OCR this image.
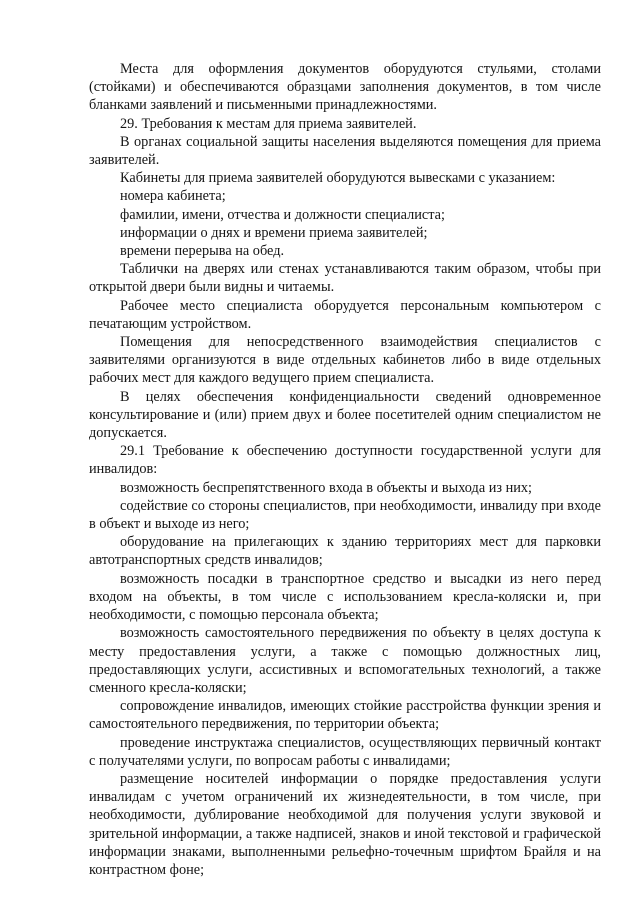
Места для оформления документов оборудуются стульями, столами (стойками) и обеспечиваются образцами заполнения документов, в том числе бланками заявлений и письменными принадлежностями.

29. Требования к местам для приема заявителей.

В органах социальной защиты населения выделяются помещения для приема заявителей.

Кабинеты для приема заявителей оборудуются вывесками с указанием:

номера кабинета;

фамилии, имени, отчества и должности специалиста;

информации о днях и времени приема заявителей;

времени перерыва на обед.

Таблички на дверях или стенах устанавливаются таким образом, чтобы при открытой двери были видны и читаемы.

Рабочее место специалиста оборудуется персональным компьютером с печатающим устройством.

Помещения для непосредственного взаимодействия специалистов с заявителями организуются в виде отдельных кабинетов либо в виде отдельных рабочих мест для каждого ведущего прием специалиста.

В целях обеспечения конфиденциальности сведений одновременное консультирование и (или) прием двух и более посетителей одним специалистом не допускается.

29.1 Требование к обеспечению доступности государственной услуги для инвалидов:

возможность беспрепятственного входа в объекты и выхода из них;

содействие со стороны специалистов, при необходимости, инвалиду при входе в объект и выходе из него;

оборудование на прилегающих к зданию территориях мест для парковки автотранспортных средств инвалидов;

возможность посадки в транспортное средство и высадки из него перед входом на объекты, в том числе с использованием кресла-коляски и, при необходимости, с помощью персонала объекта;

возможность самостоятельного передвижения по объекту в целях доступа к месту предоставления услуги, а также с помощью должностных лиц, предоставляющих услуги, ассистивных и вспомогательных технологий, а также сменного кресла-коляски;

сопровождение инвалидов, имеющих стойкие расстройства функции зрения и самостоятельного передвижения, по территории объекта;

проведение инструктажа специалистов, осуществляющих первичный контакт с получателями услуги, по вопросам работы с инвалидами;

размещение носителей информации о порядке предоставления услуги инвалидам с учетом ограничений их жизнедеятельности, в том числе, при необходимости, дублирование необходимой для получения услуги звуковой и зрительной информации, а также надписей, знаков и иной текстовой и графической информации знаками, выполненными рельефно-точечным шрифтом Брайля и на контрастном фоне;
